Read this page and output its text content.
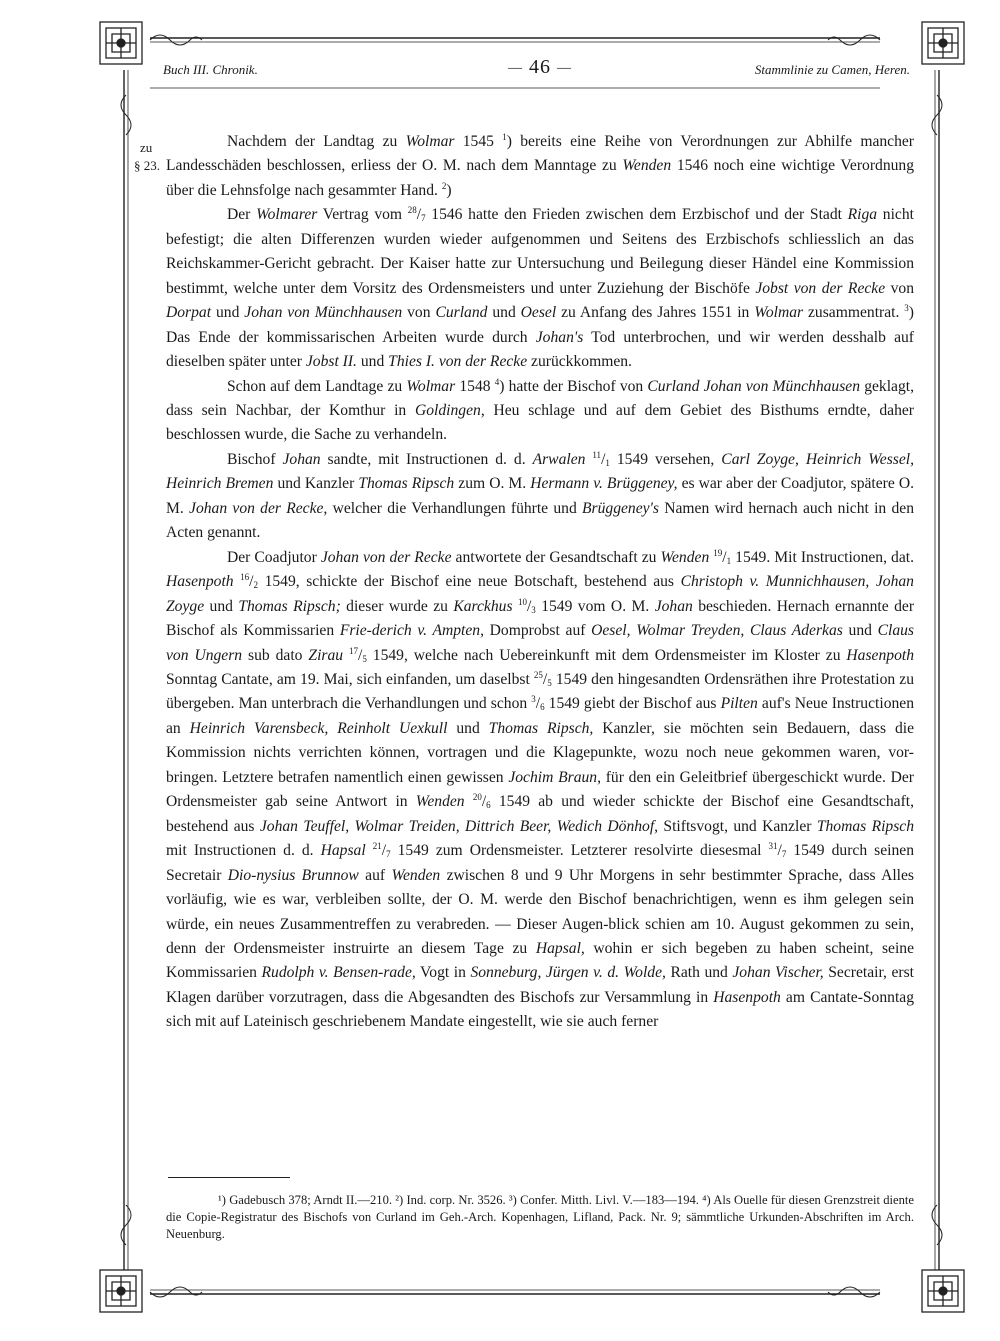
Buch III. Chronik.	— 46 —	Stammlinie zu Camen, Heren.
zu
§ 23.

Nachdem der Landtag zu Wolmar 1545 $^1$) bereits eine Reihe von Verordnungen zur Abhilfe mancher Landesschäden beschlossen, erliess der O. M. nach dem Manntage zu Wenden 1546 noch eine wichtige Verordnung über die Lehnsfolge nach gesammter Hand. $^2$)

Der Wolmarer Vertrag vom $^{28}/_7$ 1546 hatte den Frieden zwischen dem Erzbischof und der Stadt Riga nicht befestigt; die alten Differenzen wurden wieder aufgenommen und Seitens des Erzbischofs schliesslich an das Reichskammer-Gericht gebracht. Der Kaiser hatte zur Untersuchung und Beilegung dieser Händel eine Kommission bestimmt, welche unter dem Vorsitz des Ordensmeisters und unter Zuziehung der Bischöfe Jobst von der Recke von Dorpat und Johan von Münchhausen von Curland und Oesel zu Anfang des Jahres 1551 in Wolmar zusammentrat. $^3$) Das Ende der kommissarischen Arbeiten wurde durch Johan's Tod unterbrochen, und wir werden desshalb auf dieselben später unter Jobst II. und Thies I. von der Recke zurückkommen.

Schon auf dem Landtage zu Wolmar 1548 $^4$) hatte der Bischof von Curland Johan von Münchhausen geklagt, dass sein Nachbar, der Komthur in Goldingen, Heu schlage und auf dem Gebiet des Bisthums erndte, daher beschlossen wurde, die Sache zu verhandeln.

Bischof Johan sandte, mit Instructionen d. d. Arwalen $^{11}/_1$ 1549 versehen, Carl Zoyge, Heinrich Wessel, Heinrich Bremen und Kanzler Thomas Ripsch zum O. M. Hermann v. Brüggeney, es war aber der Coadjutor, spätere O. M. Johan von der Recke, welcher die Verhandlungen führte und Brüggeney's Namen wird hernach auch nicht in den Acten genannt.

Der Coadjutor Johan von der Recke antwortete der Gesandtschaft zu Wenden $^{19}/_1$ 1549. Mit Instructionen, dat. Hasenpoth $^{16}/_2$ 1549, schickte der Bischof eine neue Botschaft, bestehend aus Christoph v. Munnichhausen, Johan Zoyge und Thomas Ripsch; dieser wurde zu Karckhus $^{10}/_3$ 1549 vom O. M. Johan beschieden. Hernach ernannte der Bischof als Kommissarien Frie-derich v. Ampten, Domprobst auf Oesel, Wolmar Treyden, Claus Aderkas und Claus von Ungern sub dato Zirau $^{17}/_5$ 1549, welche nach Uebereinkunft mit dem Ordensmeister im Kloster zu Hasenpoth Sonntag Cantate, am 19. Mai, sich einfanden, um daselbst $^{25}/_5$ 1549 den hingesandten Ordensräthen ihre Protestation zu übergeben. Man unterbrach die Verhandlungen und schon $^3/_6$ 1549 giebt der Bischof aus Pilten auf's Neue Instructionen an Heinrich Varensbeck, Reinholt Uexkull und Thomas Ripsch, Kanzler, sie möchten sein Bedauern, dass die Kommission nichts verrichten können, vortragen und die Klagepunkte, wozu noch neue gekommen waren, vor-bringen. Letztere betrafen namentlich einen gewissen Jochim Braun, für den ein Geleitbrief übergeschickt wurde. Der Ordensmeister gab seine Antwort in Wenden $^{20}/_6$ 1549 ab und wieder schickte der Bischof eine Gesandtschaft, bestehend aus Johan Teuffel, Wolmar Treiden, Dittrich Beer, Wedich Dönhof, Stiftsvogt, und Kanzler Thomas Ripsch mit Instructionen d. d. Hapsal $^{21}/_7$ 1549 zum Ordensmeister. Letzterer resolvirte diesesmal $^{31}/_7$ 1549 durch seinen Secretair Dio-nysius Brunnow auf Wenden zwischen 8 und 9 Uhr Morgens in sehr bestimmter Sprache, dass Alles vorläufig, wie es war, verbleiben sollte, der O. M. werde den Bischof benachrichtigen, wenn es ihm gelegen sein würde, ein neues Zusammentreffen zu verabreden. — Dieser Augen-blick schien am 10. August gekommen zu sein, denn der Ordensmeister instruirte an diesem Tage zu Hapsal, wohin er sich begeben zu haben scheint, seine Kommissarien Rudolph v. Bensen-rade, Vogt in Sonneburg, Jürgen v. d. Wolde, Rath und Johan Vischer, Secretair, erst Klagen darüber vorzutragen, dass die Abgesandten des Bischofs zur Versammlung in Hasenpoth am Cantate-Sonntag sich mit auf Lateinisch geschriebenem Mandate eingestellt, wie sie auch ferner

¹) Gadebusch 378; Arndt II.—210. ²) Ind. corp. Nr. 3526. ³) Confer. Mitth. Livl. V.—183—194. ⁴) Als Ouelle für diesen Grenzstreit diente die Copie-Registratur des Bischofs von Curland im Geh.-Arch. Kopenhagen, Lifland, Pack. Nr. 9; sämmtliche Urkunden-Abschriften im Arch. Neuenburg.
